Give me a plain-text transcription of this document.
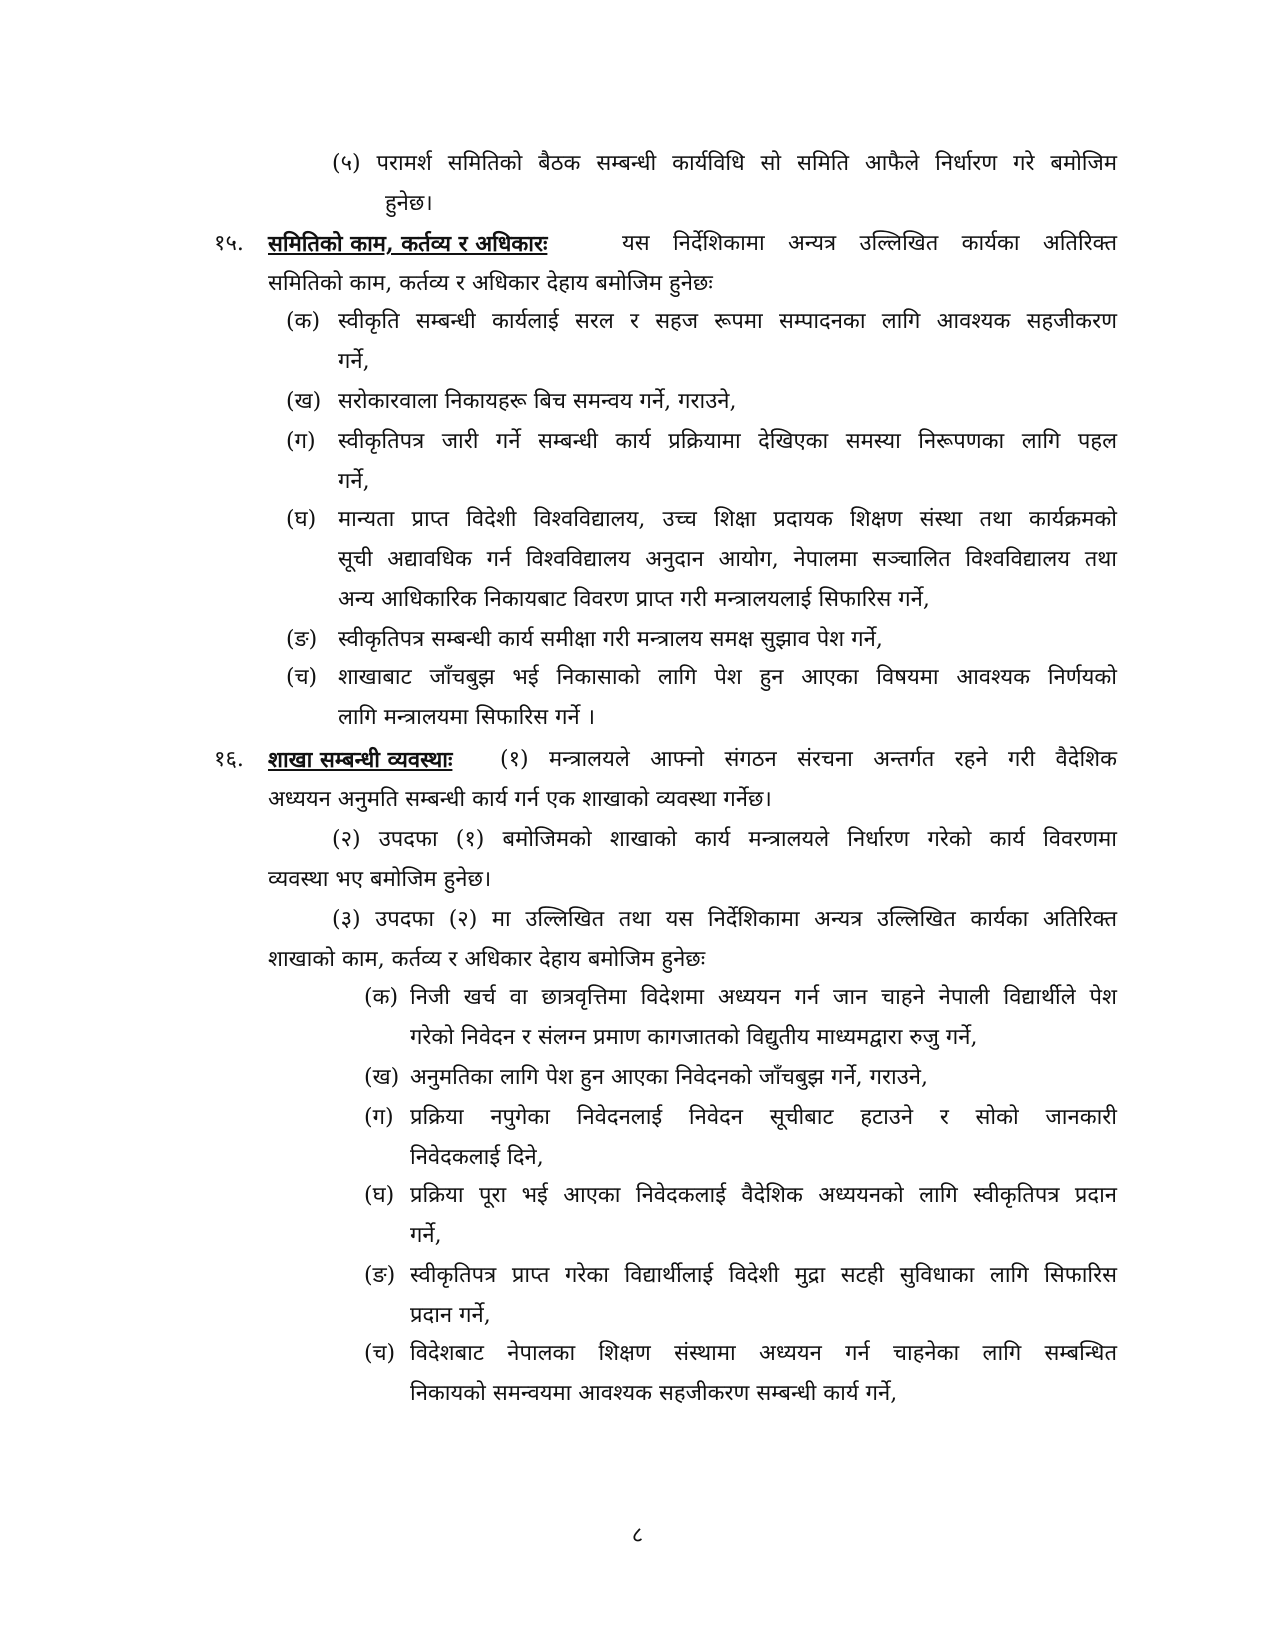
(५) परामर्श समितिको बैठक सम्बन्धी कार्यविधि सो समिति आफैले निर्धारण गरे बमोजिम
हुनेछ।
१५. समितिको काम, कर्तव्य र अधिकारः	यस निर्देशिकामा अन्यत्र उल्लिखित कार्यका अतिरिक्त
समितिको काम, कर्तव्य र अधिकार देहाय बमोजिम हुनेछः
(क) स्वीकृति सम्बन्धी कार्यलाई सरल र सहज रूपमा सम्पादनका लागि आवश्यक सहजीकरण
गर्ने,
(ख) सरोकारवाला निकायहरू बिच समन्वय गर्ने, गराउने,
(ग) स्वीकृतिपत्र जारी गर्ने सम्बन्धी कार्य प्रक्रियामा देखिएका समस्या निरूपणका लागि पहल
गर्ने,
(घ) मान्यता प्राप्त विदेशी विश्वविद्यालय, उच्च शिक्षा प्रदायक शिक्षण संस्था तथा कार्यक्रमको
सूची अद्यावधिक गर्न विश्वविद्यालय अनुदान आयोग, नेपालमा सञ्चालित विश्वविद्यालय तथा
अन्य आधिकारिक निकायबाट विवरण प्राप्त गरी मन्त्रालयलाई सिफारिस गर्ने,
(ङ) स्वीकृतिपत्र सम्बन्धी कार्य समीक्षा गरी मन्त्रालय समक्ष सुझाव पेश गर्ने,
(च) शाखाबाट जाँचबुझ भई निकासाको लागि पेश हुन आएका विषयमा आवश्यक निर्णयको
लागि मन्त्रालयमा सिफारिस गर्ने ।
१६. शाखा सम्बन्धी व्यवस्थाः (१) मन्त्रालयले आफ्नो संगठन संरचना अन्तर्गत रहने गरी वैदेशिक
अध्ययन अनुमति सम्बन्धी कार्य गर्न एक शाखाको व्यवस्था गर्नेछ।
(२) उपदफा (१) बमोजिमको शाखाको कार्य मन्त्रालयले निर्धारण गरेको कार्य विवरणमा
व्यवस्था भए बमोजिम हुनेछ।
(३) उपदफा (२) मा उल्लिखित तथा यस निर्देशिकामा अन्यत्र उल्लिखित कार्यका अतिरिक्त
शाखाको काम, कर्तव्य र अधिकार देहाय बमोजिम हुनेछः
(क) निजी खर्च वा छात्रवृत्तिमा विदेशमा अध्ययन गर्न जान चाहने नेपाली विद्यार्थीले पेश
गरेको निवेदन र संलग्न प्रमाण कागजातको विद्युतीय माध्यमद्वारा रुजु गर्ने,
(ख) अनुमतिका लागि पेश हुन आएका निवेदनको जाँचबुझ गर्ने, गराउने,
(ग) प्रक्रिया नपुगेका निवेदनलाई निवेदन सूचीबाट हटाउने र सोको जानकारी
निवेदकलाई दिने,
(घ) प्रक्रिया पूरा भई आएका निवेदकलाई वैदेशिक अध्ययनको लागि स्वीकृतिपत्र प्रदान
गर्ने,
(ङ) स्वीकृतिपत्र प्राप्त गरेका विद्यार्थीलाई विदेशी मुद्रा सटही सुविधाका लागि सिफारिस
प्रदान गर्ने,
(च) विदेशबाट नेपालका शिक्षण संस्थामा अध्ययन गर्न चाहनेका लागि सम्बन्धित
निकायको समन्वयमा आवश्यक सहजीकरण सम्बन्धी कार्य गर्ने,
८
